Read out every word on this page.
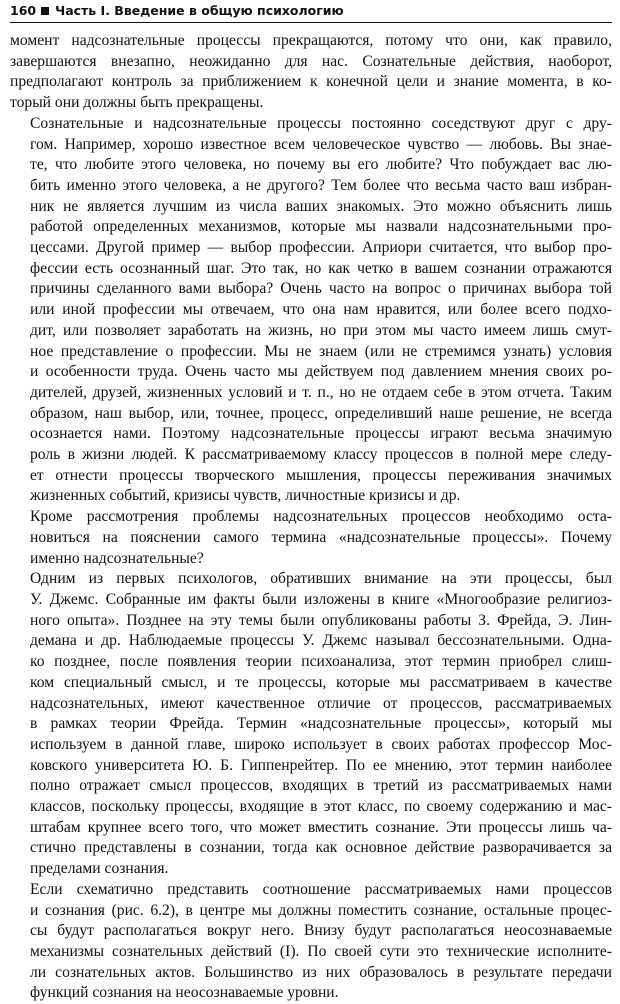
160 Часть I. Введение в общую психологию

момент надсознательные процессы прекращаются, потому что они, как правило,
завершаются внезапно, неожиданно для нас. Сознательные действия, наоборот,
предполагают контроль за приближением к конечной цели и знание момента, в ко-
торый они должны быть прекращены.

Сознательные и надсознательные процессы постоянно соседствуют друг с дру-
гом. Например, хорошо известное всем человеческое чувство — любовь. Вы знае-
те, что любите этого человека, но почему вы его любите? Что побуждает вас лю-
бить именно этого человека, а не другого? Тем более что весьма часто ваш избран-
ник не является лучшим из числа ваших знакомых. Это можно объяснить лишь
работой определенных механизмов, которые мы назвали надсознательными про-
цессами. Другой пример — выбор профессии. Априори считается, что выбор про-
фессии есть осознанный шаг. Это так, но как четко в вашем сознании отражаются
причины сделанного вами выбора? Очень часто на вопрос о причинах выбора той
или иной профессии мы отвечаем, что она нам нравится, или более всего подхо-
дит, или позволяет заработать на жизнь, но при этом мы часто имеем лишь смут-
ное представление о профессии. Мы не знаем (или не стремимся узнать) условия
и особенности труда. Очень часто мы действуем под давлением мнения своих ро-
дителей, друзей, жизненных условий и т. п., но не отдаем себе в этом отчета. Таким
образом, наш выбор, или, точнее, процесс, определивший наше решение, не всегда
осознается нами. Поэтому надсознательные процессы играют весьма значимую
роль в жизни людей. К рассматриваемому классу процессов в полной мере следу-
ет отнести процессы творческого мышления, процессы переживания значимых
жизненных событий, кризисы чувств, личностные кризисы и др.

Кроме рассмотрения проблемы надсознательных процессов необходимо оста-
новиться на пояснении самого термина «надсознательные процессы». Почему
именно надсознательные?

Одним из первых психологов, обративших внимание на эти процессы, был
У. Джемс. Собранные им факты были изложены в книге «Многообразие религиоз-
ного опыта». Позднее на эту темы были опубликованы работы З. Фрейда, Э. Лин-
демана и др. Наблюдаемые процессы У. Джемс называл бессознательными. Одна-
ко позднее, после появления теории психоанализа, этот термин приобрел слиш-
ком специальный смысл, и те процессы, которые мы рассматриваем в качестве
надсознательных, имеют качественное отличие от процессов, рассматриваемых
в рамках теории Фрейда. Термин «надсознательные процессы», который мы
используем в данной главе, широко использует в своих работах профессор Мос-
ковского университета Ю. Б. Гиппенрейтер. По ее мнению, этот термин наиболее
полно отражает смысл процессов, входящих в третий из рассматриваемых нами
классов, поскольку процессы, входящие в этот класс, по своему содержанию и мас-
штабам крупнее всего того, что может вместить сознание. Эти процессы лишь ча-
стично представлены в сознании, тогда как основное действие разворачивается за
пределами сознания.

Если схематично представить соотношение рассматриваемых нами процессов
и сознания (рис. 6.2), в центре мы должны поместить сознание, остальные процес-
сы будут располагаться вокруг него. Внизу будут располагаться неосознаваемые
механизмы сознательных действий (I). По своей сути это технические исполните-
ли сознательных актов. Большинство из них образовалось в результате передачи
функций сознания на неосознаваемые уровни.
